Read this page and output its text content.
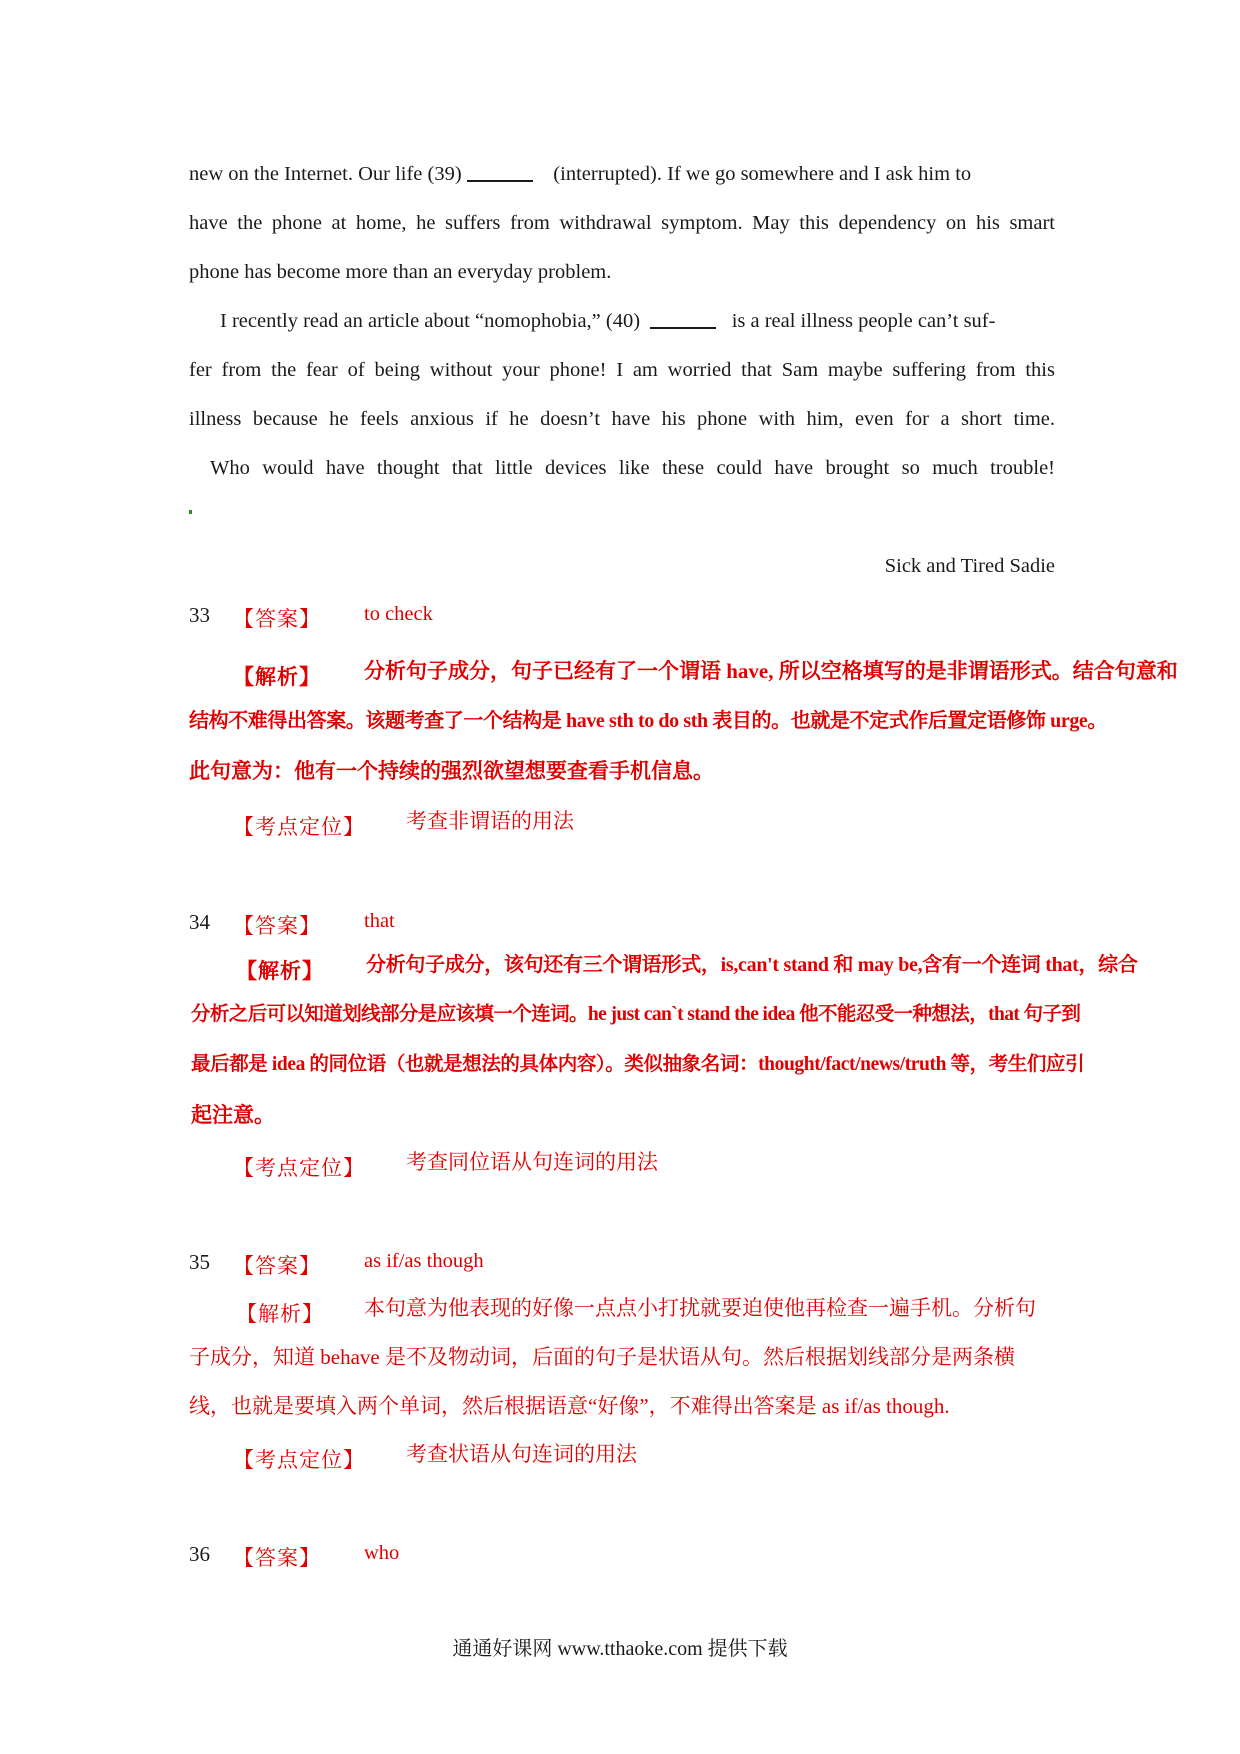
new on the Internet. Our life (39)	(interrupted). If we go somewhere and I ask him to
have the phone at home, he suffers from withdrawal symptom. May this dependency on his smart
phone has become more than an everyday problem.
I recently read an article about “nomophobia,” (40)	is a real illness people can’t suf-
fer from the fear of being without your phone! I am worried that Sam maybe suffering from this
illness because he feels anxious if he doesn’t have his phone with him, even for a short time.
Who would have thought that little devices like these could have brought so much trouble!
Sick and Tired Sadie
33 【答案】 to check
【解析】 分析句子成分，句子已经有了一个谓语 have, 所以空格填写的是非谓语形式。结合句意和
结构不难得出答案。该题考查了一个结构是 have sth to do sth 表目的。也就是不定式作后置定语修饰 urge。
此句意为：他有一个持续的强烈欲望想要查看手机信息。
【考点定位】 考查非谓语的用法
34 【答案】 that
【解析】 分析句子成分，该句还有三个谓语形式，is,can't stand 和 may be,含有一个连词 that，综合
分析之后可以知道划线部分是应该填一个连词。he just can`t stand the idea 他不能忍受一种想法，that 句子到
最后都是 idea 的同位语（也就是想法的具体内容）。类似抽象名词：thought/fact/news/truth 等，考生们应引
起注意。
【考点定位】 考查同位语从句连词的用法
35 【答案】 as if/as though
【解析】 本句意为他表现的好像一点点小打扰就要迫使他再检查一遍手机。分析句
子成分，知道 behave 是不及物动词，后面的句子是状语从句。然后根据划线部分是两条横
线，也就是要填入两个单词，然后根据语意“好像”，不难得出答案是 as if/as though.
【考点定位】 考查状语从句连词的用法
36 【答案】 who
通通好课网 www.tthaoke.com 提供下载
